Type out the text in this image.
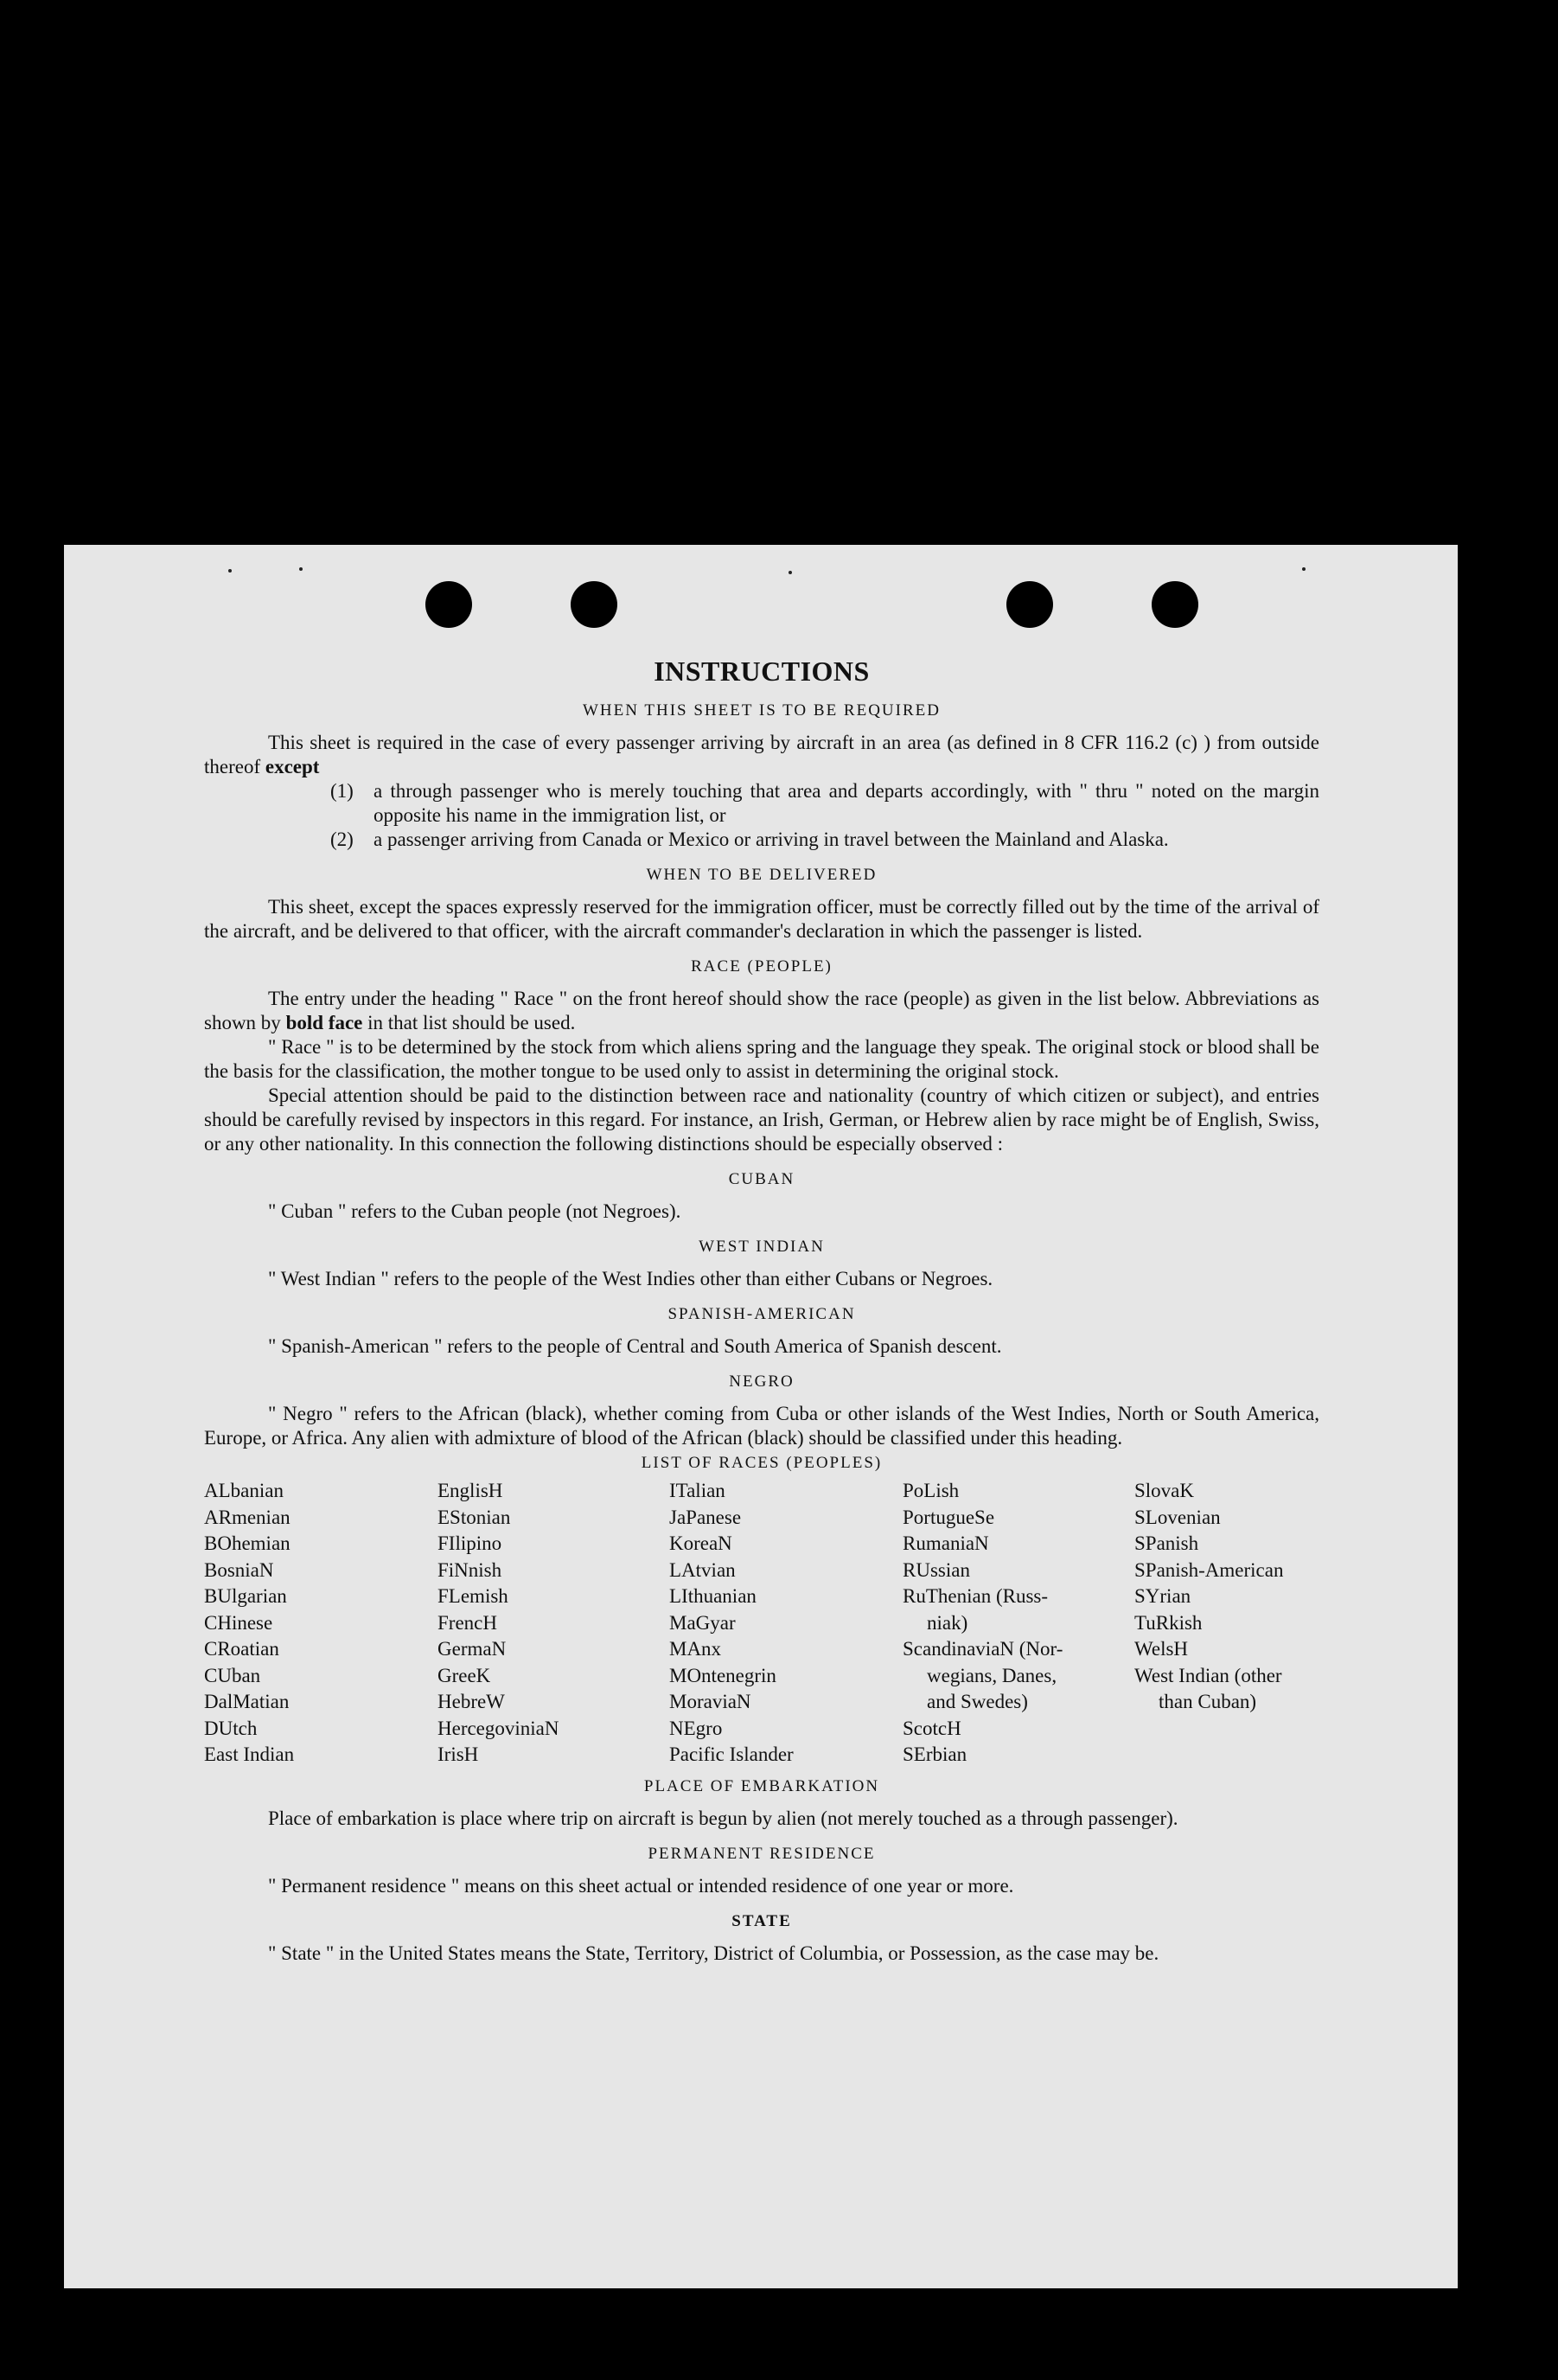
INSTRUCTIONS
WHEN THIS SHEET IS TO BE REQUIRED

This sheet is required in the case of every passenger arriving by aircraft in an area (as defined in 8 CFR 116.2 (c) ) from outside thereof except

(1)	a through passenger who is merely touching that area and departs accordingly, with " thru " noted on the margin opposite his name in the immigration list, or
(2)	a passenger arriving from Canada or Mexico or arriving in travel between the Mainland and Alaska.
WHEN TO BE DELIVERED

This sheet, except the spaces expressly reserved for the immigration officer, must be correctly filled out by the time of the arrival of the aircraft, and be delivered to that officer, with the aircraft commander's declaration in which the passenger is listed.

RACE (PEOPLE)

The entry under the heading " Race " on the front hereof should show the race (people) as given in the list below. Abbreviations as shown by bold face in that list should be used.

" Race " is to be determined by the stock from which aliens spring and the language they speak. The original stock or blood shall be the basis for the classification, the mother tongue to be used only to assist in determining the original stock.

Special attention should be paid to the distinction between race and nationality (country of which citizen or subject), and entries should be carefully revised by inspectors in this regard. For instance, an Irish, German, or Hebrew alien by race might be of English, Swiss, or any other nationality. In this connection the following distinctions should be especially observed :

CUBAN

" Cuban " refers to the Cuban people (not Negroes).

WEST INDIAN

" West Indian " refers to the people of the West Indies other than either Cubans or Negroes.

SPANISH-AMERICAN

" Spanish-American " refers to the people of Central and South America of Spanish descent.

NEGRO

" Negro " refers to the African (black), whether coming from Cuba or other islands of the West Indies, North or South America, Europe, or Africa. Any alien with admixture of blood of the African (black) should be classified under this heading.

LIST OF RACES (PEOPLES)
ALbanian
ARmenian
BOhemian
BosniaN
BUlgarian
CHinese
CRoatian
CUban
DalMatian
DUtch
East Indian
EnglisH
EStonian
FIlipino
FiNnish
FLemish
FrencH
GermaN
GreeK
HebreW
HercegoviniaN
IrisH
ITalian
JaPanese
KoreaN
LAtvian
LIthuanian
MaGyar
MAnx
MOntenegrin
MoraviaN
NEgro
Pacific Islander
PoLish
PortugueSe
RumaniaN
RUssian
RuThenian (Russ-
niak)
ScandinaviaN (Nor-
wegians, Danes,
and Swedes)
ScotcH
SErbian
SlovaK
SLovenian
SPanish
SPanish-American
SYrian
TuRkish
WelsH
West Indian (other
than Cuban)
PLACE OF EMBARKATION

Place of embarkation is place where trip on aircraft is begun by alien (not merely touched as a through passenger).

PERMANENT RESIDENCE

" Permanent residence " means on this sheet actual or intended residence of one year or more.

STATE

" State " in the United States means the State, Territory, District of Columbia, or Possession, as the case may be.
